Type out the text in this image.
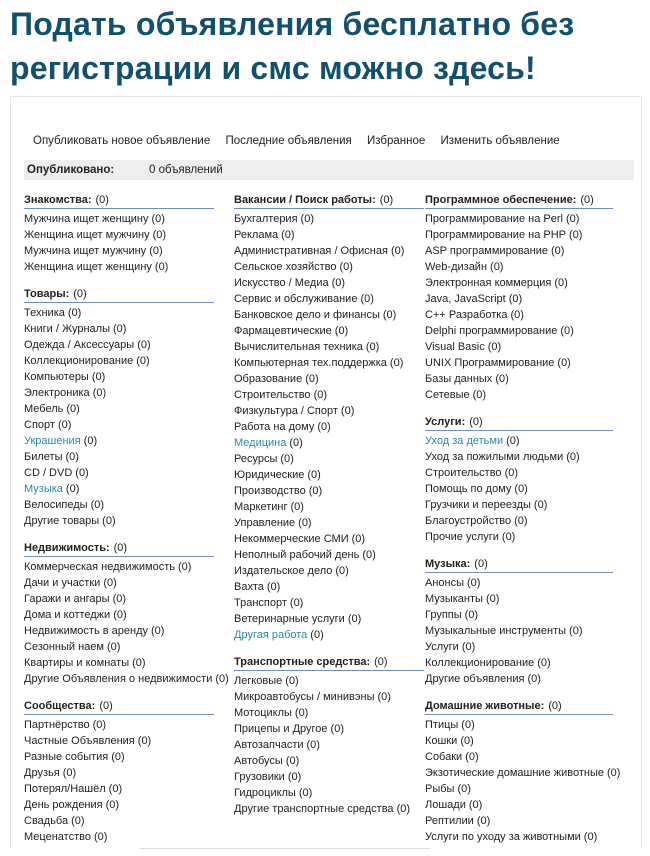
Подать объявления бесплатно без
регистрации и смс можно здесь!
Опубликовать новое объявление Последние объявления Избранное Изменить объявление
Опубликовано:	0 объявлений
Знакомства: (0)
Мужчина ищет женщину (0)
Женщина ищет мужчину (0)
Мужчина ищет мужчину (0)
Женщина ищет женщину (0)
Товары: (0)
Техника (0)
Книги / Журналы (0)
Одежда / Аксессуары (0)
Коллекционирование (0)
Компьютеры (0)
Электроника (0)
Мебель (0)
Спорт (0)
Украшения (0)
Билеты (0)
CD / DVD (0)
Музыка (0)
Велосипеды (0)
Другие товары (0)
Недвижимость: (0)
Коммерческая недвижимость (0)
Дачи и участки (0)
Гаражи и ангары (0)
Дома и коттеджи (0)
Недвижимость в аренду (0)
Сезонный наем (0)
Квартиры и комнаты (0)
Другие Объявления о недвижимости (0)
Сообщества: (0)
Партнёрство (0)
Частные Объявления (0)
Разные события (0)
Друзья (0)
Потерял/Нашёл (0)
День рождения (0)
Свадьба (0)
Меценатство (0)
Вакансии / Поиск работы: (0)
Бухгалтерия (0)
Реклама (0)
Административная / Офисная (0)
Сельское хозяйство (0)
Искусство / Медиа (0)
Сервис и обслуживание (0)
Банковское дело и финансы (0)
Фармацевтические (0)
Вычислительная техника (0)
Компьютерная тех.поддержка (0)
Образование (0)
Строительство (0)
Физкультура / Спорт (0)
Работа на дому (0)
Медицина (0)
Ресурсы (0)
Юридические (0)
Производство (0)
Маркетинг (0)
Управление (0)
Некоммерческие СМИ (0)
Неполный рабочий день (0)
Издательское дело (0)
Вахта (0)
Транспорт (0)
Ветеринарные услуги (0)
Другая работа (0)
Транспортные средства: (0)
Легковые (0)
Микроавтобусы / минивэны (0)
Мотоциклы (0)
Прицепы и Другое (0)
Автозапчасти (0)
Автобусы (0)
Грузовики (0)
Гидроциклы (0)
Другие транспортные средства (0)
Программное обеспечение: (0)
Программирование на Perl (0)
Программирование на PHP (0)
ASP программирование (0)
Web-дизайн (0)
Электронная коммерция (0)
Java, JavaScript (0)
C++ Разработка (0)
Delphi программирование (0)
Visual Basic (0)
UNIX Программирование (0)
Базы данных (0)
Сетевые (0)
Услуги: (0)
Уход за детьми (0)
Уход за пожилыми людьми (0)
Строительство (0)
Помощь по дому (0)
Грузчики и переезды (0)
Благоустройство (0)
Прочие услуги (0)
Музыка: (0)
Анонсы (0)
Музыканты (0)
Группы (0)
Музыкальные инструменты (0)
Услуги (0)
Коллекционирование (0)
Другие объявления (0)
Домашние животные: (0)
Птицы (0)
Кошки (0)
Собаки (0)
Экзотические домашние животные (0)
Рыбы (0)
Лошади (0)
Рептилии (0)
Услуги по уходу за животными (0)
